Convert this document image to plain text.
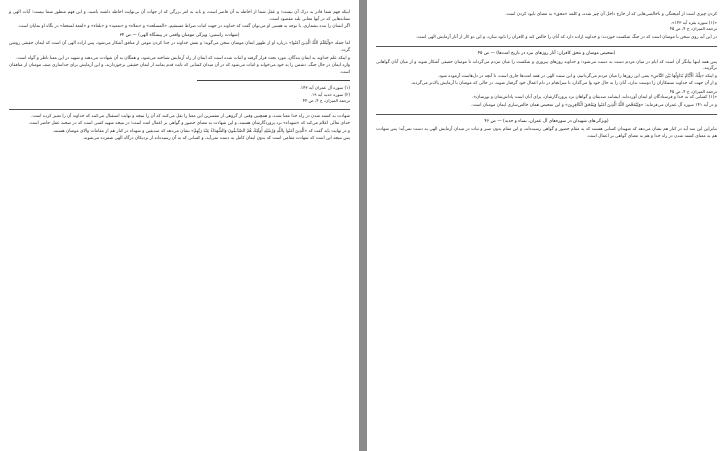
اینکه فهم شما قادر به درک آن نیست؛ و عقل شما از احاطه به آن قاصر است، و باید به امر بزرگی که از جهات آن بی‌نهایت احاطه داشته باشید، و این فهم منظور شما نیست: آیات الهی و نشانه‌هایی که در آنها معانی بلند مقصود است.

اگر انسان را بنده بشماری، با توجه به هستی او می‌توان گفت که خداوند در جهت اثبات صراط مستقیم، «المسلحه» و «بعلاء» و «نعمیه» و «بلعاء» و «لمعة لسجعا» در نگاه او نمایان است.

(شهادت راستین: ویژگی مومنان واقعی در پیشگاه الهی) — ص ۳۴

اما جمله «وَلْيَعْلَمَ اللَّهُ الَّذِينَ آمَنُوا» درباره او از ظهور ایمان مومنان سخن می‌گوید؛ و نقش خداوند در جدا کردن مومن از منافق آشکار می‌شود، پس اراده الهی آن است که ایمان حقیقی روشن گردد.

و اینکه علم خداوند به ایمان بندگان، مورد بحث قرار گرفته و اثبات شده است که ایمان از راه آزمایش شناخته می‌شود، و همگان به آن شهادت می‌دهند و شهید در این معنا ناظر و گواه است.

واژه ایمان در حال جنگ، دشمن را به خود می‌خواند و اثبات می‌شود که در آن میدان کسانی که ثابت قدم بمانند از ایمان حقیقی برخوردارند، و این آزمایش برای جداسازی صف مومنان از منافقان است.

(۱) سوره آل عمران آیه ۱۴۳.

(۲) سوره حدید آیه ۱۹.

ترجمه الميزان، ج ۴، ص ۴۴

شهادت به کشته شدن در راه خدا معنا شده، و همچنین وقتی از گروهی از مفسرین این معنا را نقل می‌کنند که آن را نتیجه و نهایت استقبال می‌کنند که خداوند آن را تعبیر کرده است.

خدای تعالی اعلام می‌کند که «شهداء» نزد پروردگارشان هستند، و این شهادت به معنای حضور و گواهی بر اعمال امت است؛ در نتیجه شهید کسی است که در صحنه عمل حاضر است.

و در نهایت باید گفت که «الَّذِينَ آمَنُوا بِاللَّهِ وَرُسُلِهِ أُولَئِكَ هُمُ الصِّدِّيقُونَ وَالشُّهَدَاءُ عِنْدَ رَبِّهِمْ» نشان می‌دهد که صدیقین و شهداء در کنار هم از مقامات والای مومنان هستند.

پس نتیجه این است که شهادت مقامی است که بدون ایمان کامل به دست نمی‌آید، و کسانی که به آن رسیده‌اند از نزدیکان درگاه الهی شمرده می‌شوند.

کردن چیزی است از آمیختگی و ناخالصی‌هایی که از خارج داخل آن چیز شده، و کلمه «محق» به معنای نابود کردن است.

«(۱) سوره بقره آیه ۱۴۳».

ترجمه الميزان، ج ۴، ص ۴۵

در این آیه روی سخن با مومنان است که در جنگ شکست خوردند؛ و خداوند اراده دارد که آنان را خالص کند و کافران را نابود سازد، و این دو کار از آثار آزمایش الهی است.

(تمحیص مومنان و محق کافران: آثار روزهای نبرد در تاریخ امت‌ها) — ص ۴۵

پس همه اینها بیانگر آن است که ایام در میان مردم دست به دست می‌شود؛ و خداوند روزهای پیروزی و شکست را میان مردم می‌گرداند تا مومنان حقیقی آشکار شوند و از میان آنان گواهانی برگزیند.

و اینکه «تِلْكَ الْأَيَّامُ نُدَاوِلُهَا بَيْنَ النَّاسِ» یعنی این روزها را میان مردم می‌گردانیم، و این سنت الهی در همه امت‌ها جاری است، تا آنچه در دل‌هاست آزموده شود.

و از آن جهت که خداوند ستمکاران را دوست ندارد، آنان را به حال خود وا می‌گذارد تا سرانجام در دام اعمال خود گرفتار شوند، در حالی که مومنان با آزمایش پاک‌تر می‌گردند.

ترجمه الميزان، ج ۴، ص ۴۵

«(۱) کسانی که به خدا و فرستادگان او ایمان آورده‌اند، ایشانند صدیقان و گواهان نزد پروردگارشان، برای آنان است پاداش‌شان و نورشان».

و در آیه ۱۴۱ سوره آل عمران می‌فرماید: «وَلِيُمَحِّصَ اللَّهُ الَّذِينَ آمَنُوا وَيَمْحَقَ الْكَافِرِينَ» و این تمحیص همان خالص‌سازی ایمان مومنان است.

(ویژگی‌های شهیدان در سوره‌های آل عمران، نساء و حدید) — ص ۴۶

بنابراین این سه آیه در کنار هم نشان می‌دهد که شهیدان کسانی هستند که به مقام حضور و گواهی رسیده‌اند، و این مقام بدون صبر و ثبات در میدان آزمایش الهی به دست نمی‌آید؛ پس شهادت هم به معنای کشته شدن در راه خدا و هم به معنای گواهی بر اعمال است.
